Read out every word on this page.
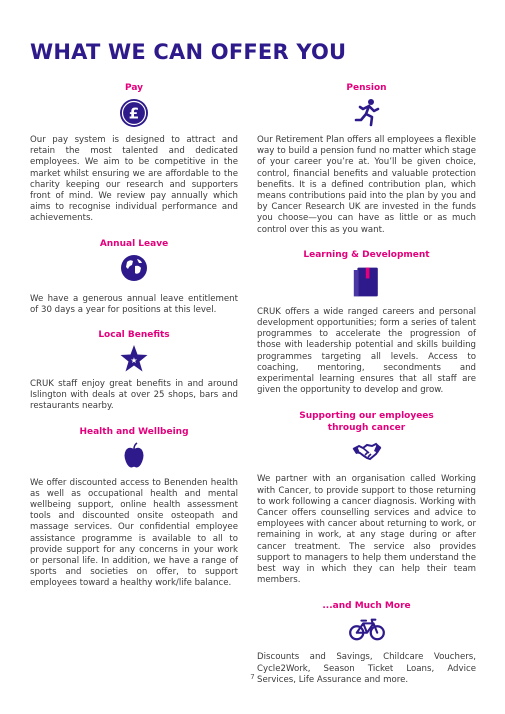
WHAT WE CAN OFFER YOU
Pay
£

Our pay system is designed to attract and retain the most talented and dedicated employees. We aim to be competitive in the market whilst ensuring we are affordable to the charity keeping our research and supporters front of mind. We review pay annually which aims to recognise individual performance and achievements.

Annual Leave

We have a generous annual leave entitlement of 30 days a year for positions at this level.

Local Benefits
★

CRUK staff enjoy great benefits in and around Islington with deals at over 25 shops, bars and restaurants nearby.

Health and Wellbeing

We offer discounted access to Benenden health as well as occupational health and mental wellbeing support, online health assessment tools and discounted onsite osteopath and massage services. Our confidential employee assistance programme is available to all to provide support for any concerns in your work or personal life. In addition, we have a range of sports and societies on offer, to support employees toward a healthy work/life balance.

Pension

Our Retirement Plan offers all employees a flexible way to build a pension fund no matter which stage of your career you’re at. You’ll be given choice, control, financial benefits and valuable protection benefits. It is a defined contribution plan, which means contributions paid into the plan by you and by Cancer Research UK are invested in the funds you choose—you can have as little or as much control over this as you want.

Learning & Development

CRUK offers a wide ranged careers and personal development opportunities; form a series of talent programmes to accelerate the progression of those with leadership potential and skills building programmes targeting all levels. Access to coaching, mentoring, secondments and experimental learning ensures that all staff are given the opportunity to develop and grow.

Supporting our employees
through cancer

We partner with an organisation called Working with Cancer, to provide support to those returning to work following a cancer diagnosis. Working with Cancer offers counselling services and advice to employees with cancer about returning to work, or remaining in work, at any stage during or after cancer treatment. The service also provides support to managers to help them understand the best way in which they can help their team members.

...and Much More

Discounts and Savings, Childcare Vouchers, Cycle2Work, Season Ticket Loans, Advice Services, Life Assurance and more.

7
